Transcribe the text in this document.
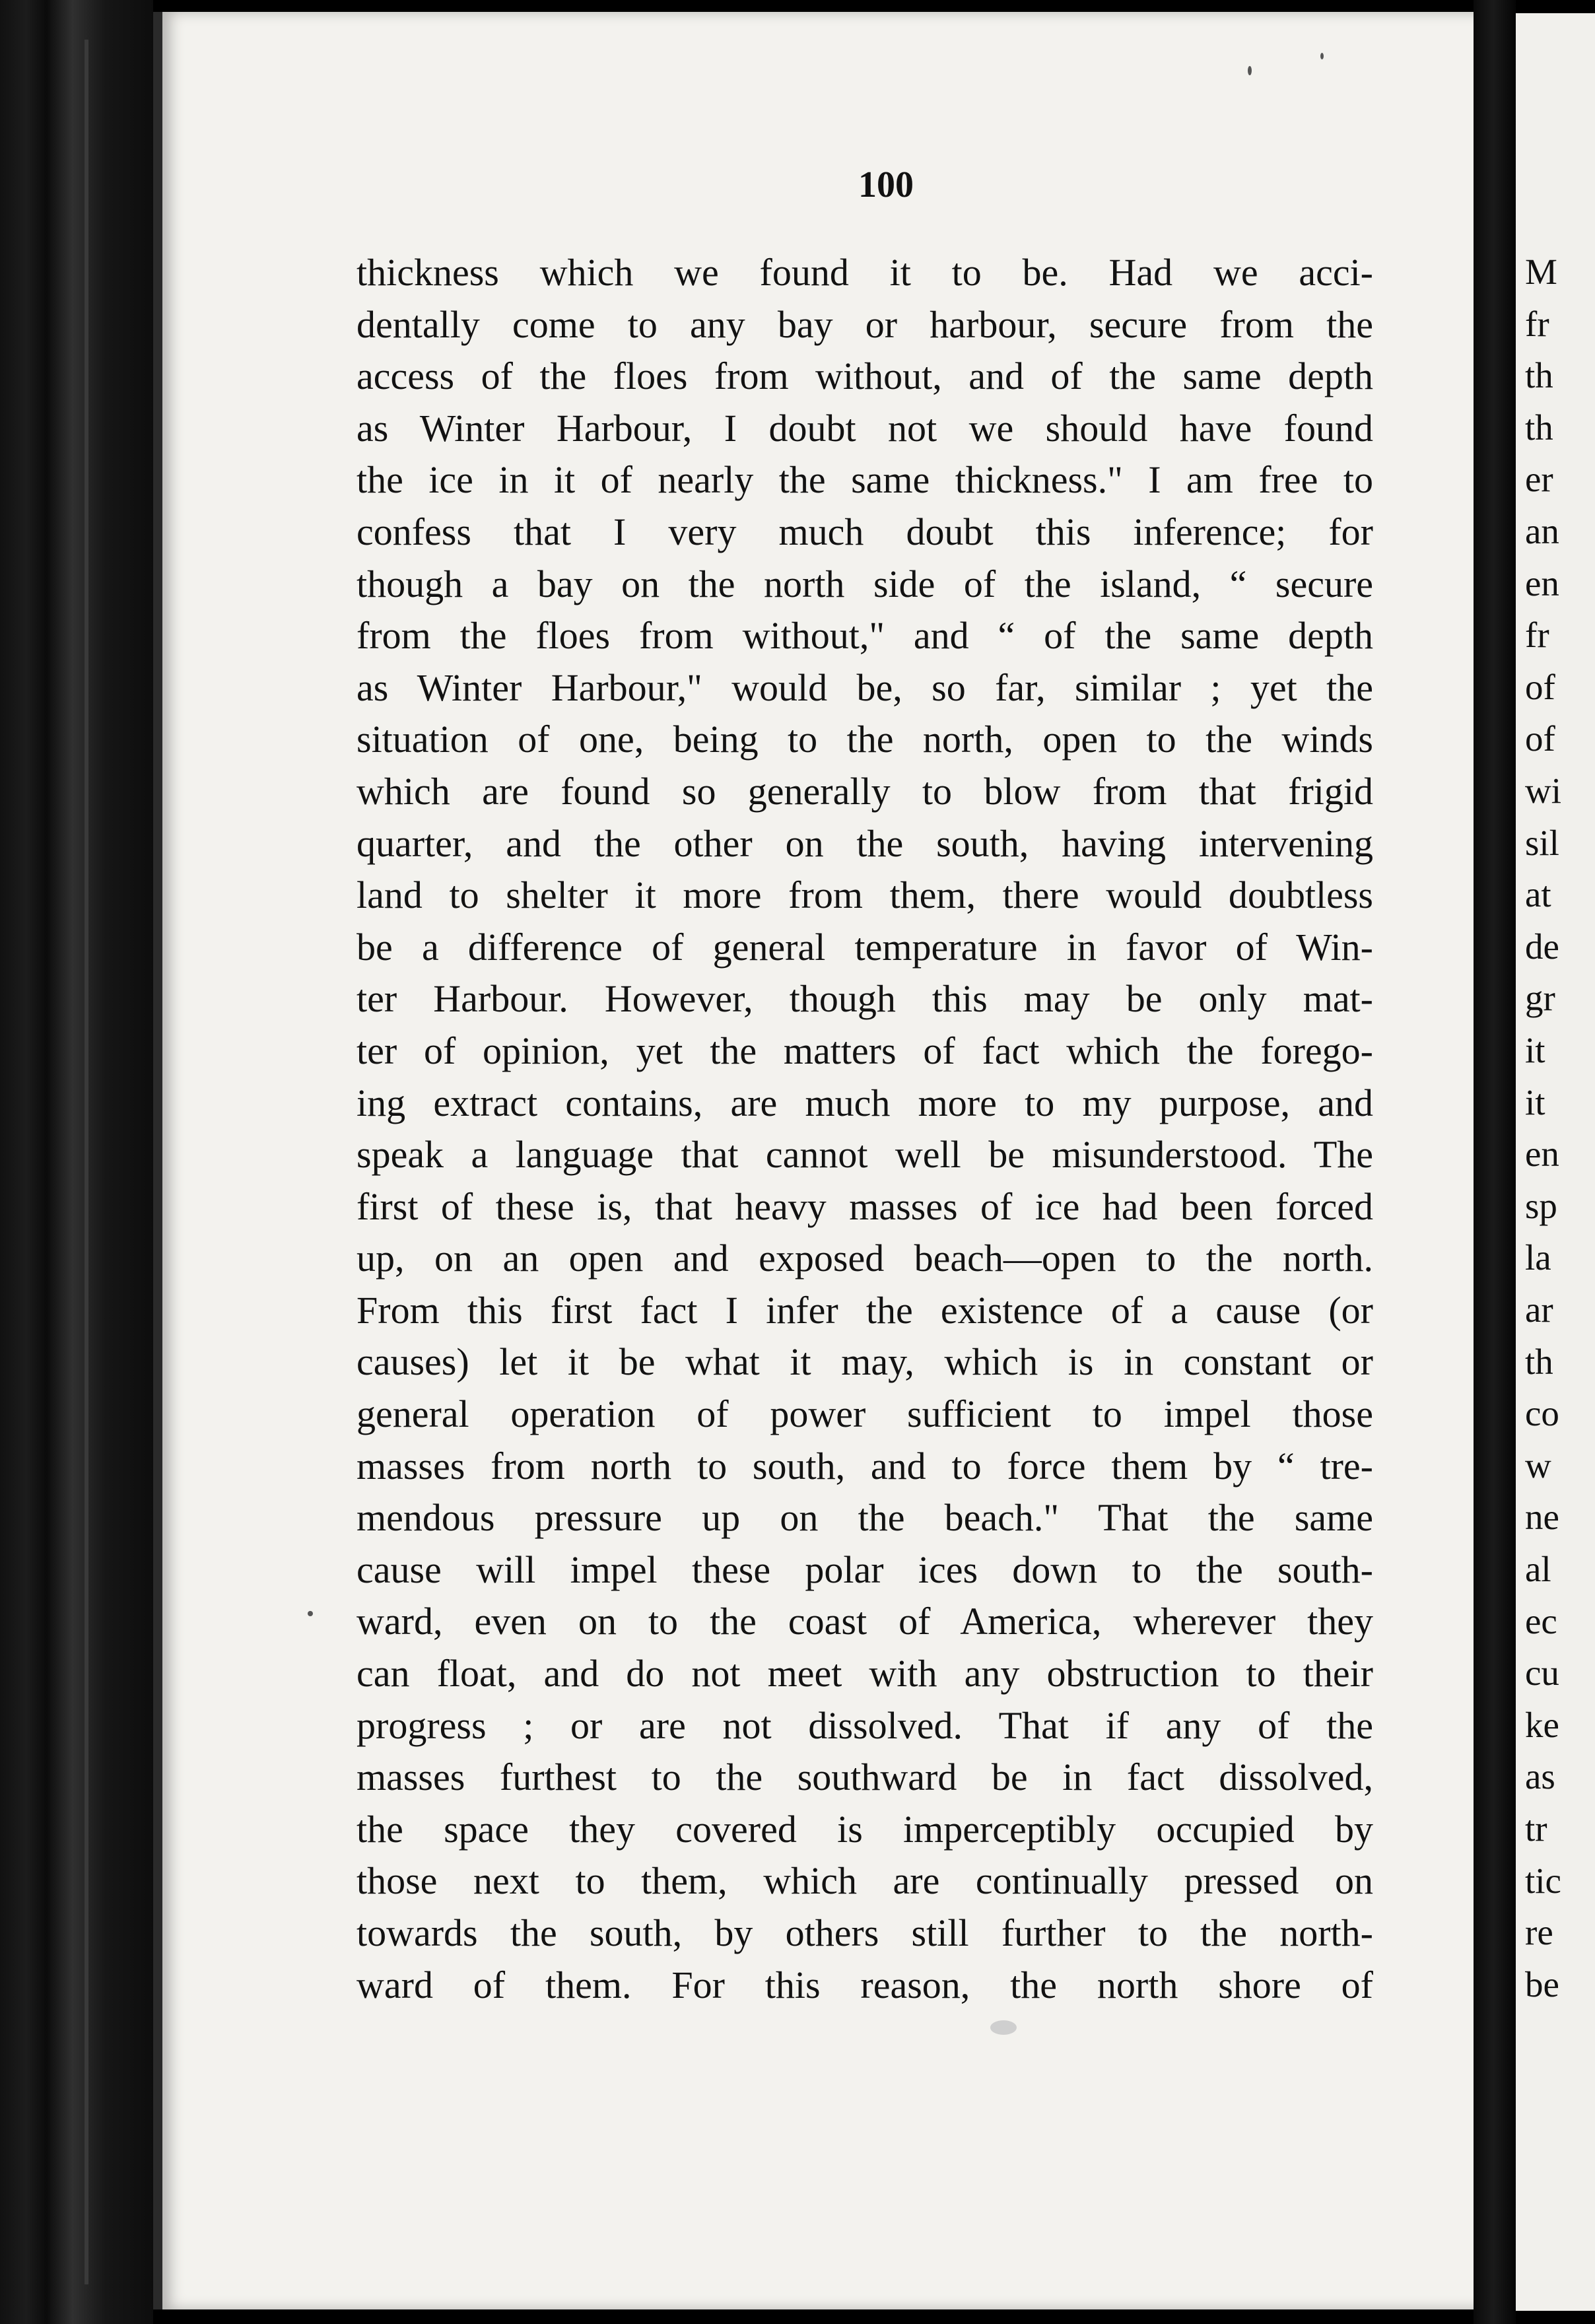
100
thickness which we found it to be. Had we acci-
dentally come to any bay or harbour, secure from the
access of the floes from without, and of the same depth
as Winter Harbour, I doubt not we should have found
the ice in it of nearly the same thickness." I am free to
confess that I very much doubt this inference; for
though a bay on the north side of the island, “ secure
from the floes from without," and “ of the same depth
as Winter Harbour," would be, so far, similar ; yet the
situation of one, being to the north, open to the winds
which are found so generally to blow from that frigid
quarter, and the other on the south, having intervening
land to shelter it more from them, there would doubtless
be a difference of general temperature in favor of Win-
ter Harbour. However, though this may be only mat-
ter of opinion, yet the matters of fact which the forego-
ing extract contains, are much more to my purpose, and
speak a language that cannot well be misunderstood. The
first of these is, that heavy masses of ice had been forced
up, on an open and exposed beach—open to the north.
From this first fact I infer the existence of a cause (or
causes) let it be what it may, which is in constant or
general operation of power sufficient to impel those
masses from north to south, and to force them by “ tre-
mendous pressure up on the beach." That the same
cause will impel these polar ices down to the south-
ward, even on to the coast of America, wherever they
can float, and do not meet with any obstruction to their
progress ; or are not dissolved. That if any of the
masses furthest to the southward be in fact dissolved,
the space they covered is imperceptibly occupied by
those next to them, which are continually pressed on
towards the south, by others still further to the north-
ward of them. For this reason, the north shore of
M
fr
th
th
er
an
en
fr
of
of
wi
sil
at
de
gr
it
it
en
sp
la
ar
th
co
w
ne
al
ec
cu
ke
as
tr
tic
re
be
